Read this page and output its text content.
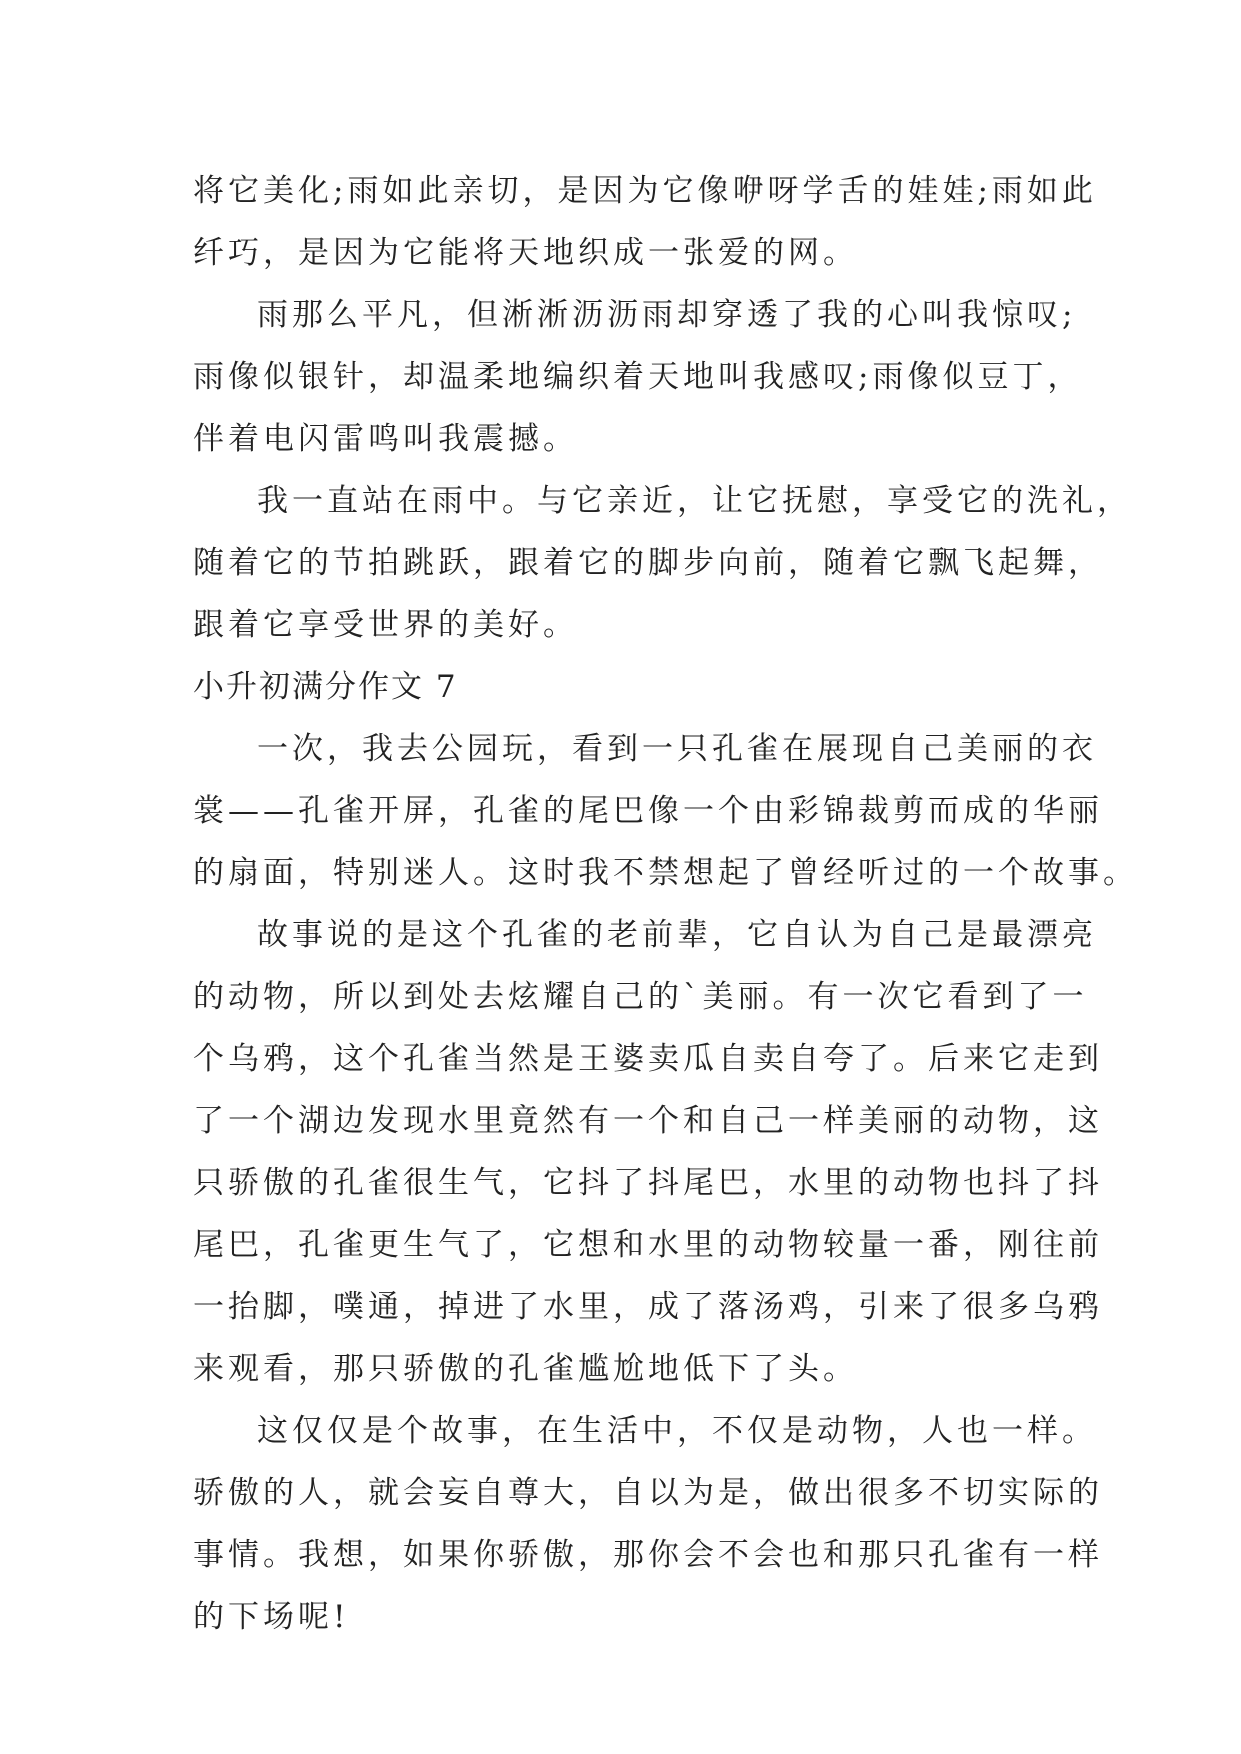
将它美化;雨如此亲切，是因为它像咿呀学舌的娃娃;雨如此
纤巧，是因为它能将天地织成一张爱的网。
雨那么平凡，但淅淅沥沥雨却穿透了我的心叫我惊叹;
雨像似银针，却温柔地编织着天地叫我感叹;雨像似豆丁，
伴着电闪雷鸣叫我震撼。
我一直站在雨中。与它亲近，让它抚慰，享受它的洗礼，
随着它的节拍跳跃，跟着它的脚步向前，随着它飘飞起舞，
跟着它享受世界的美好。
小升初满分作文 7
一次，我去公园玩，看到一只孔雀在展现自己美丽的衣
裳——孔雀开屏，孔雀的尾巴像一个由彩锦裁剪而成的华丽
的扇面，特别迷人。这时我不禁想起了曾经听过的一个故事。
故事说的是这个孔雀的老前辈，它自认为自己是最漂亮
的动物，所以到处去炫耀自己的`美丽。有一次它看到了一
个乌鸦，这个孔雀当然是王婆卖瓜自卖自夸了。后来它走到
了一个湖边发现水里竟然有一个和自己一样美丽的动物，这
只骄傲的孔雀很生气，它抖了抖尾巴，水里的动物也抖了抖
尾巴，孔雀更生气了，它想和水里的动物较量一番，刚往前
一抬脚，噗通，掉进了水里，成了落汤鸡，引来了很多乌鸦
来观看，那只骄傲的孔雀尴尬地低下了头。
这仅仅是个故事，在生活中，不仅是动物，人也一样。
骄傲的人，就会妄自尊大，自以为是，做出很多不切实际的
事情。我想，如果你骄傲，那你会不会也和那只孔雀有一样
的下场呢!
